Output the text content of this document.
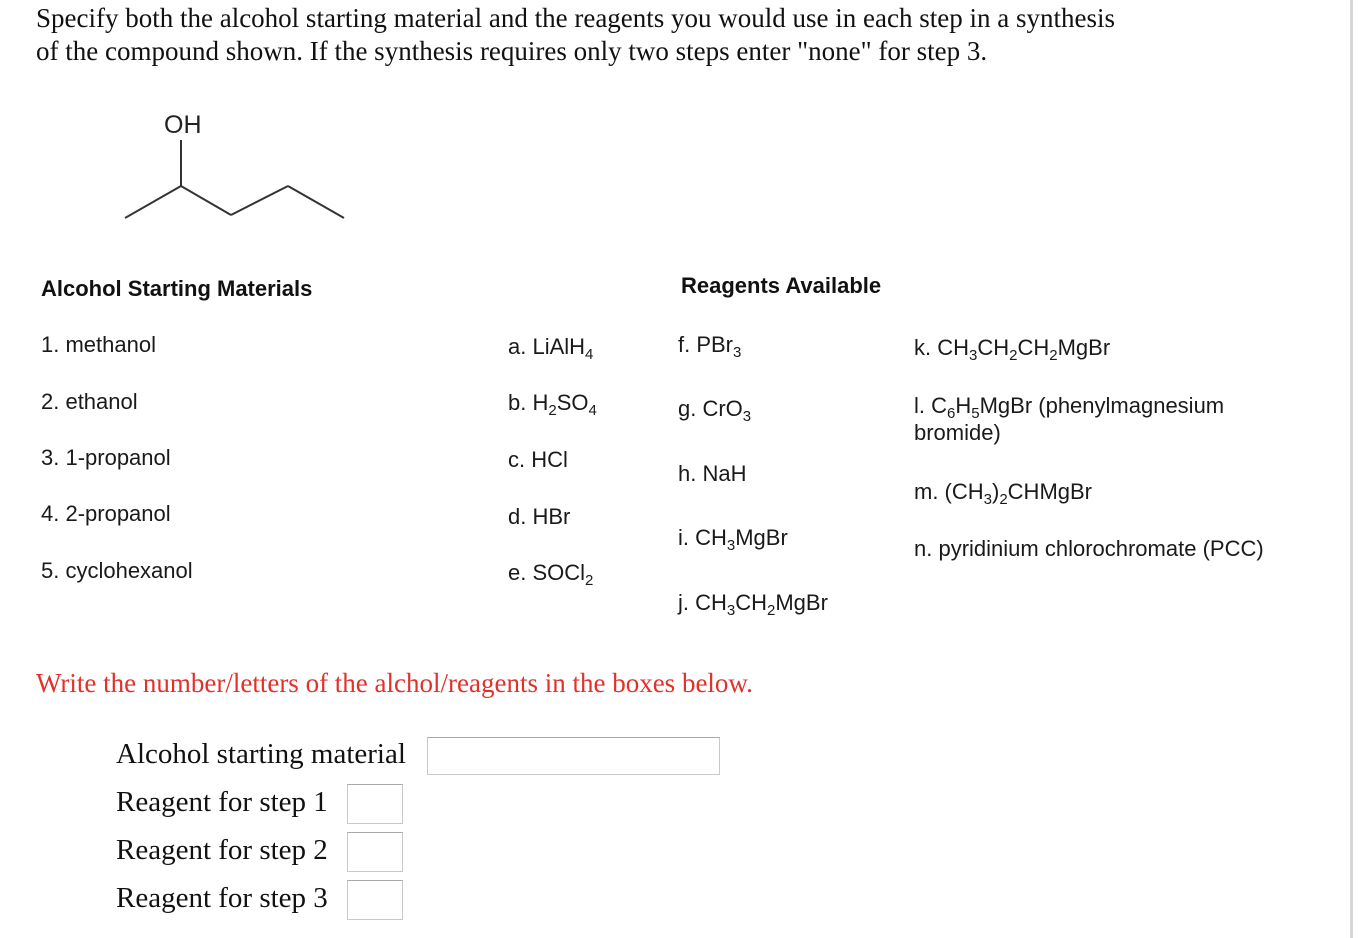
Specify both the alcohol starting material and the reagents you would use in each step in a synthesis
of the compound shown. If the synthesis requires only two steps enter "none" for step 3.
OH
Alcohol Starting Materials
1. methanol
2. ethanol
3. 1-propanol
4. 2-propanol
5. cyclohexanol
Reagents Available
a. LiAlH$_4$
b. $H_2SO_4$
c. HCl
d. HBr
e. SOCl$_2$
f. PBr$_3$
g. CrO$_3$
h. NaH
i. $CH_3MgBr$
j. $CH_3CH_2MgBr$
k. $CH_3CH_2CH_2MgBr$
l. $C_6H_5MgBr$ (phenylmagnesium
bromide)
m. $(CH_3)_2CHMgBr$
n. pyridinium chlorochromate (PCC)
Write the number/letters of the alchol/reagents in the boxes below.
Alcohol starting material
Reagent for step 1
Reagent for step 2
Reagent for step 3
